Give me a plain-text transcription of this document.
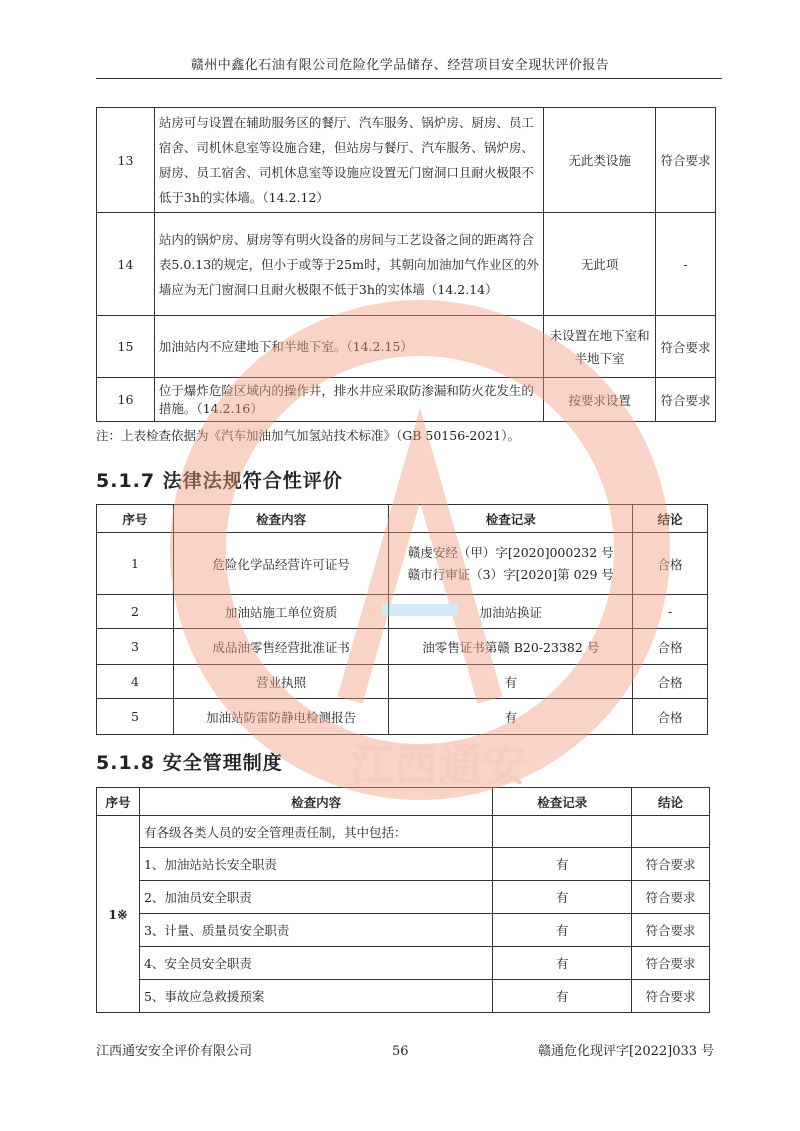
赣州中鑫化石油有限公司危险化学品储存、经营项目安全现状评价报告
13	站房可与设置在辅助服务区的餐厅、汽车服务、锅炉房、厨房、员工宿舍、司机休息室等设施合建，但站房与餐厅、汽车服务、锅炉房、厨房、员工宿舍、司机休息室等设施应设置无门窗洞口且耐火极限不低于3h的实体墙。（14.2.12）	无此类设施	符合要求
14	站内的锅炉房、厨房等有明火设备的房间与工艺设备之间的距离符合表5.0.13的规定，但小于或等于25m时，其朝向加油加气作业区的外墙应为无门窗洞口且耐火极限不低于3h的实体墙（14.2.14）	无此项	-
15	加油站内不应建地下和半地下室。（14.2.15）	未设置在地下室和半地下室	符合要求
16	位于爆炸危险区域内的操作井，排水井应采取防渗漏和防火花发生的措施。（14.2.16）	按要求设置	符合要求
注：上表检查依据为《汽车加油加气加氢站技术标准》（GB 50156-2021）。
5.1.7 法律法规符合性评价
序号	检查内容	检查记录	结论
1	危险化学品经营许可证号	赣虔安经（甲）字[2020]000232 号
赣市行审证（3）字[2020]第 029 号	合格
2	加油站施工单位资质	加油站换证	-
3	成品油零售经营批准证书	油零售证书第赣 B20-23382 号	合格
4	营业执照	有	合格
5	加油站防雷防静电检测报告	有	合格
5.1.8 安全管理制度
序号	检查内容	检查记录	结论
1※	有各级各类人员的安全管理责任制，其中包括：		
	1、加油站站长安全职责	有	符合要求
	2、加油员安全职责	有	符合要求
	3、计量、质量员安全职责	有	符合要求
	4、安全员安全职责	有	符合要求
	5、事故应急救援预案	有	符合要求
江西通安
江西通安安全评价有限公司	56	赣通危化现评字[2022]033 号
